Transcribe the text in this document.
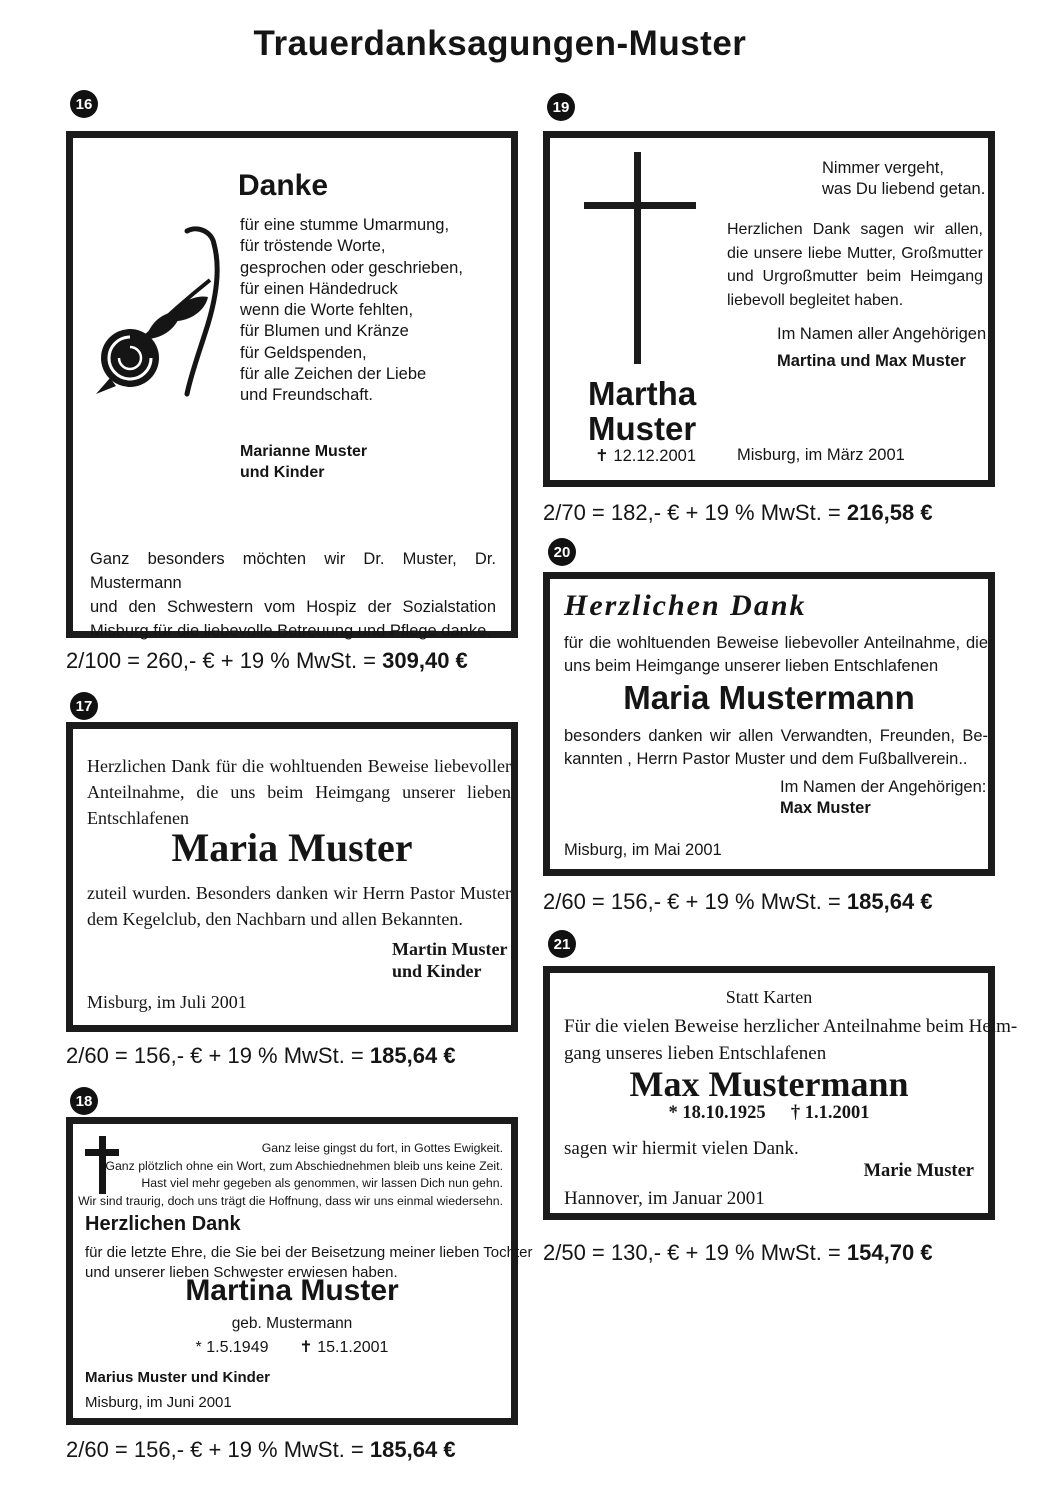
Trauerdanksagungen-Muster
16
Danke
für eine stumme Umarmung,
für tröstende Worte,
gesprochen oder geschrieben,
für einen Händedruck
wenn die Worte fehlten,
für Blumen und Kränze
für Geldspenden,
für alle Zeichen der Liebe
und Freundschaft.
Marianne Muster
und Kinder
Ganz besonders möchten wir Dr. Muster, Dr. Mustermann
und den Schwestern vom Hospiz der Sozialstation
Misburg für die liebevolle Betreuung und Pflege danke.
2/100 = 260,- € + 19 % MwSt. = 309,40 €
17
Herzlichen Dank für die wohltuenden Beweise liebevoller
Anteilnahme, die uns beim Heimgang unserer lieben
Entschlafenen
Maria Muster
zuteil wurden. Besonders danken wir Herrn Pastor Muster
dem Kegelclub, den Nachbarn und allen Bekannten.
Martin Muster
und Kinder
Misburg, im Juli 2001
2/60 = 156,- € + 19 % MwSt. = 185,64 €
18
Ganz leise gingst du fort, in Gottes Ewigkeit.
Ganz plötzlich ohne ein Wort, zum Abschiednehmen bleib uns keine Zeit.
Hast viel mehr gegeben als genommen, wir lassen Dich nun gehn.
Wir sind traurig, doch uns trägt die Hoffnung, dass wir uns einmal wiedersehn.
Herzlichen Dank
für die letzte Ehre, die Sie bei der Beisetzung meiner lieben Tochter
und unserer lieben Schwester erwiesen haben.
Martina Muster
geb. Mustermann
* 1.5.1949 ✝ 15.1.2001
Marius Muster und Kinder
Misburg, im Juni 2001
2/60 = 156,- € + 19 % MwSt. = 185,64 €
19
Nimmer vergeht,
was Du liebend getan.
Herzlichen Dank sagen wir allen,
die unsere liebe Mutter, Großmutter
und Urgroßmutter beim Heimgang
liebevoll begleitet haben.
Im Namen aller Angehörigen
Martina und Max Muster
Martha
Muster
✝ 12.12.2001 Misburg, im März 2001
2/70 = 182,- € + 19 % MwSt. = 216,58 €
20
Herzlichen Dank
für die wohltuenden Beweise liebevoller Anteilnahme, die
uns beim Heimgange unserer lieben Entschlafenen
Maria Mustermann
besonders danken wir allen Verwandten, Freunden, Be-
kannten , Herrn Pastor Muster und dem Fußballverein..
Im Namen der Angehörigen:
Max Muster
Misburg, im Mai 2001
2/60 = 156,- € + 19 % MwSt. = 185,64 €
21
Statt Karten
Für die vielen Beweise herzlicher Anteilnahme beim Heim-
gang unseres lieben Entschlafenen
Max Mustermann
* 18.10.1925 † 1.1.2001
sagen wir hiermit vielen Dank.
Marie Muster
Hannover, im Januar 2001
2/50 = 130,- € + 19 % MwSt. = 154,70 €
